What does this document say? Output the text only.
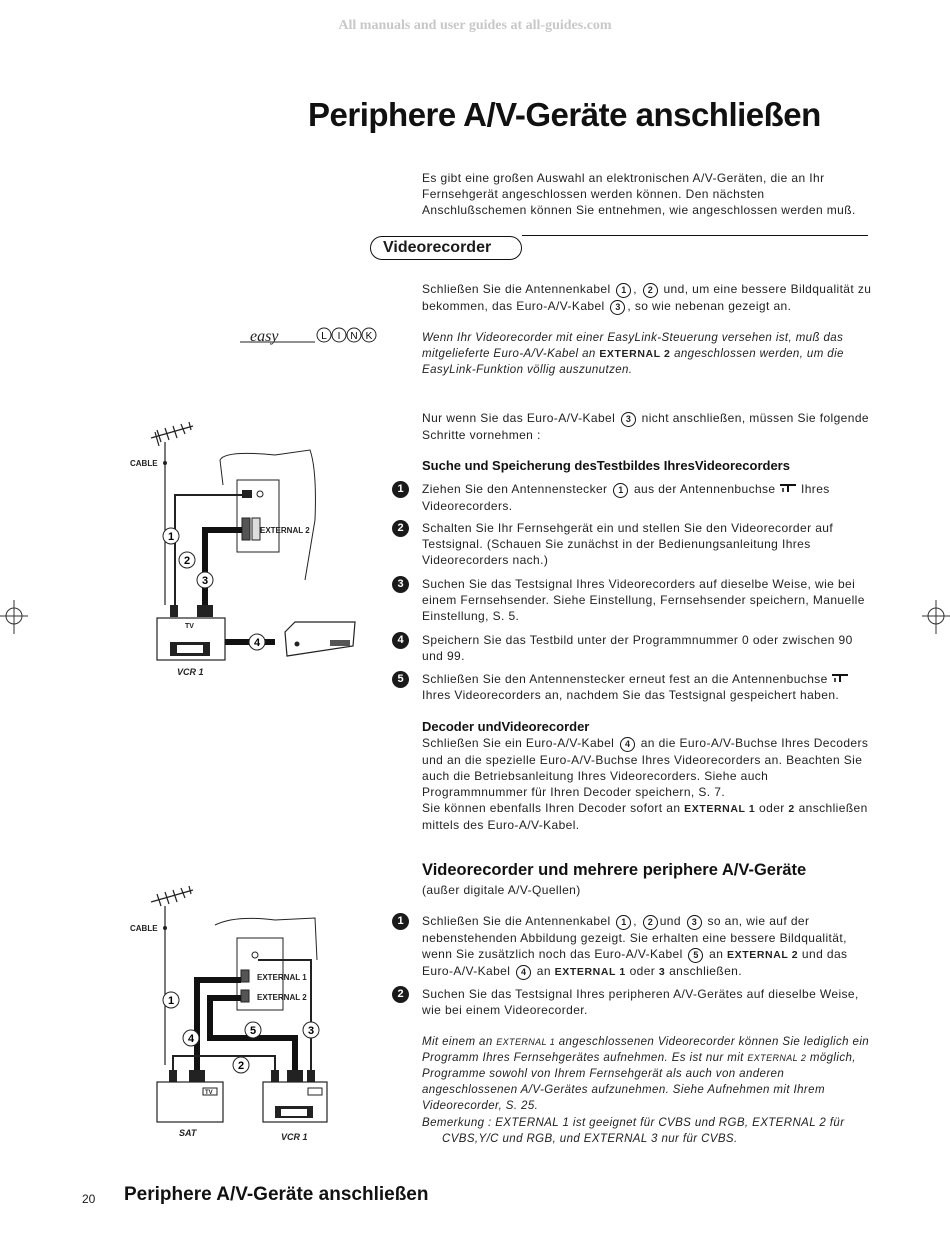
All manuals and user guides at all-guides.com
Periphere A/V-Geräte anschließen
Es gibt eine großen Auswahl an elektronischen A/V-Geräten, die an Ihr Fernsehgerät angeschlossen werden können. Den nächsten Anschlußschemen können Sie entnehmen, wie angeschlossen werden muß.
Videorecorder
Schließen Sie die Antennenkabel 1 , 2 und, um eine bessere Bildqualität zu bekommen, das Euro-A/V-Kabel 3 , so wie nebenan gezeigt an.
easy	L I N K	Wenn Ihr Videorecorder mit einer EasyLink-Steuerung versehen ist, muß das mitgelieferte Euro-A/V-Kabel an EXTERNAL 2 angeschlossen werden, um die EasyLink-Funktion völlig auszunutzen.
Nur wenn Sie das Euro-A/V-Kabel 3 nicht anschließen, müssen Sie folgende Schritte vornehmen :
Suche und Speicherung desTestbildes IhresVideorecorders
1	Ziehen Sie den Antennenstecker 1 aus der Antennenbuchse Ihres Videorecorders.
2	Schalten Sie Ihr Fernsehgerät ein und stellen Sie den Videorecorder auf Testsignal. (Schauen Sie zunächst in der Bedienungsanleitung Ihres Videorecorders nach.)
3	Suchen Sie das Testsignal Ihres Videorecorders auf dieselbe Weise, wie bei einem Fernsehsender. Siehe Einstellung, Fernsehsender speichern, Manuelle Einstellung, S. 5.
4	Speichern Sie das Testbild unter der Programmnummer 0 oder zwischen 90 und 99.
5	Schließen Sie den Antennenstecker erneut fest an die Antennenbuchse  Ihres Videorecorders an, nachdem Sie das Testsignal gespeichert haben.
Decoder undVideorecorder
Schließen Sie ein Euro-A/V-Kabel 4 an die Euro-A/V-Buchse Ihres Decoders und an die spezielle Euro-A/V-Buchse Ihres Videorecorders an. Beachten Sie auch die Betriebsanleitung Ihres Videorecorders. Siehe auch Programmnummer für Ihren Decoder speichern, S. 7.
Sie können ebenfalls Ihren Decoder sofort an EXTERNAL 1 oder 2 anschließen mittels des Euro-A/V-Kabel.
Videorecorder und mehrere periphere A/V-Geräte
(außer digitale A/V-Quellen)
1	Schließen Sie die Antennenkabel 1 , 2 und 3 so an, wie auf der nebenstehenden Abbildung gezeigt. Sie erhalten eine bessere Bildqualität, wenn Sie zusätzlich noch das Euro-A/V-Kabel 5 an EXTERNAL 2 und das Euro-A/V-Kabel 4 an EXTERNAL 1 oder 3 anschließen.
2	Suchen Sie das Testsignal Ihres peripheren A/V-Gerätes auf dieselbe Weise, wie bei einem Videorecorder.
Mit einem an EXTERNAL 1 angeschlossenen Videorecorder können Sie lediglich ein Programm Ihres Fernsehgerätes aufnehmen. Es ist nur mit EXTERNAL 2 möglich, Programme sowohl von Ihrem Fernsehgerät als auch von anderen angeschlossenen A/V-Gerätes aufzunehmen. Siehe Aufnehmen mit Ihrem Videorecorder, S. 25.
Bemerkung : EXTERNAL 1 ist geeignet für CVBS und RGB, EXTERNAL 2 für
CVBS,Y/C und RGB, und EXTERNAL 3 nur für CVBS.
20 Periphere A/V-Geräte anschließen
CABLE
EXTERNAL 2
1
2
3
TV
VCR 1
4
CABLE
EXTERNAL 1
EXTERNAL 2
1
2
3
4
5
TV
SAT	VCR 1
